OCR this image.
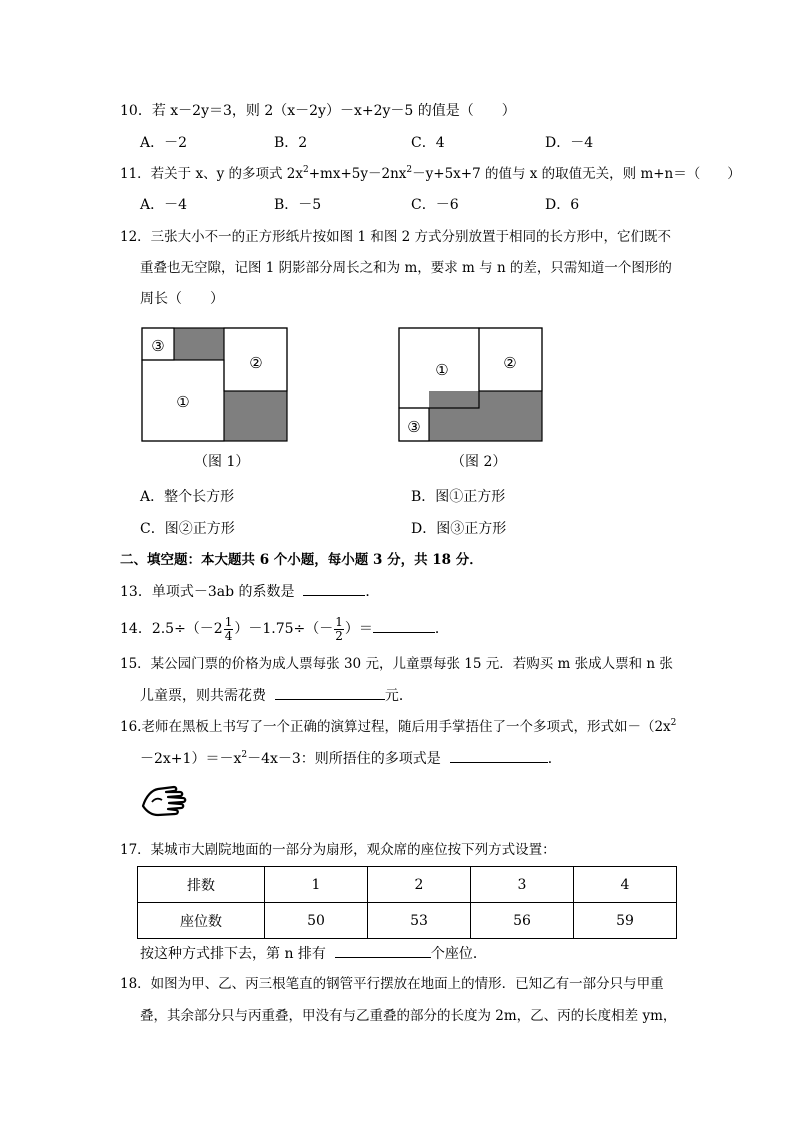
10．若 x－2y＝3，则 2（x－2y）－x+2y－5 的值是（　　）
A．－2	B．2	C．4	D．－4
11．若关于 x、y 的多项式 $2x^2+mx+5y-2nx^2-y+5x+7$ 的值与 x 的取值无关，则 m+n＝（　　）
A．－4	B．－5	C．－6	D．6
12．三张大小不一的正方形纸片按如图 1 和图 2 方式分别放置于相同的长方形中，它们既不
重叠也无空隙，记图 1 阴影部分周长之和为 m，要求 m 与 n 的差，只需知道一个图形的
周长（　　）
③
①
②
（图 1）
①	②
③
（图 2）
A．整个长方形	B．图①正方形
C．图②正方形	D．图③正方形
二、填空题：本大题共 6 个小题，每小题 3 分，共 18 分．
13．单项式－3ab 的系数是	．
14．$2.5\div(-2 \frac{1}{4} )-1.75\div(- \frac{1}{2}$ ）＝	．
15．某公园门票的价格为成人票每张 30 元，儿童票每张 15 元．若购买 m 张成人票和 n 张
儿童票，则共需花费	元．
16.老师在黑板上书写了一个正确的演算过程，随后用手掌捂住了一个多项式，形式如$-(2x^2$
$-2x+1)=-x^2-4x-3$：则所捂住的多项式是	．
17．某城市大剧院地面的一部分为扇形，观众席的座位按下列方式设置：
排数	1	2	3	4
座位数	50	53	56	59
按这种方式排下去，第 n 排有	个座位．
18．如图为甲、乙、丙三根笔直的钢管平行摆放在地面上的情形．已知乙有一部分只与甲重
叠，其余部分只与丙重叠，甲没有与乙重叠的部分的长度为 2m，乙、丙的长度相差 ym，
